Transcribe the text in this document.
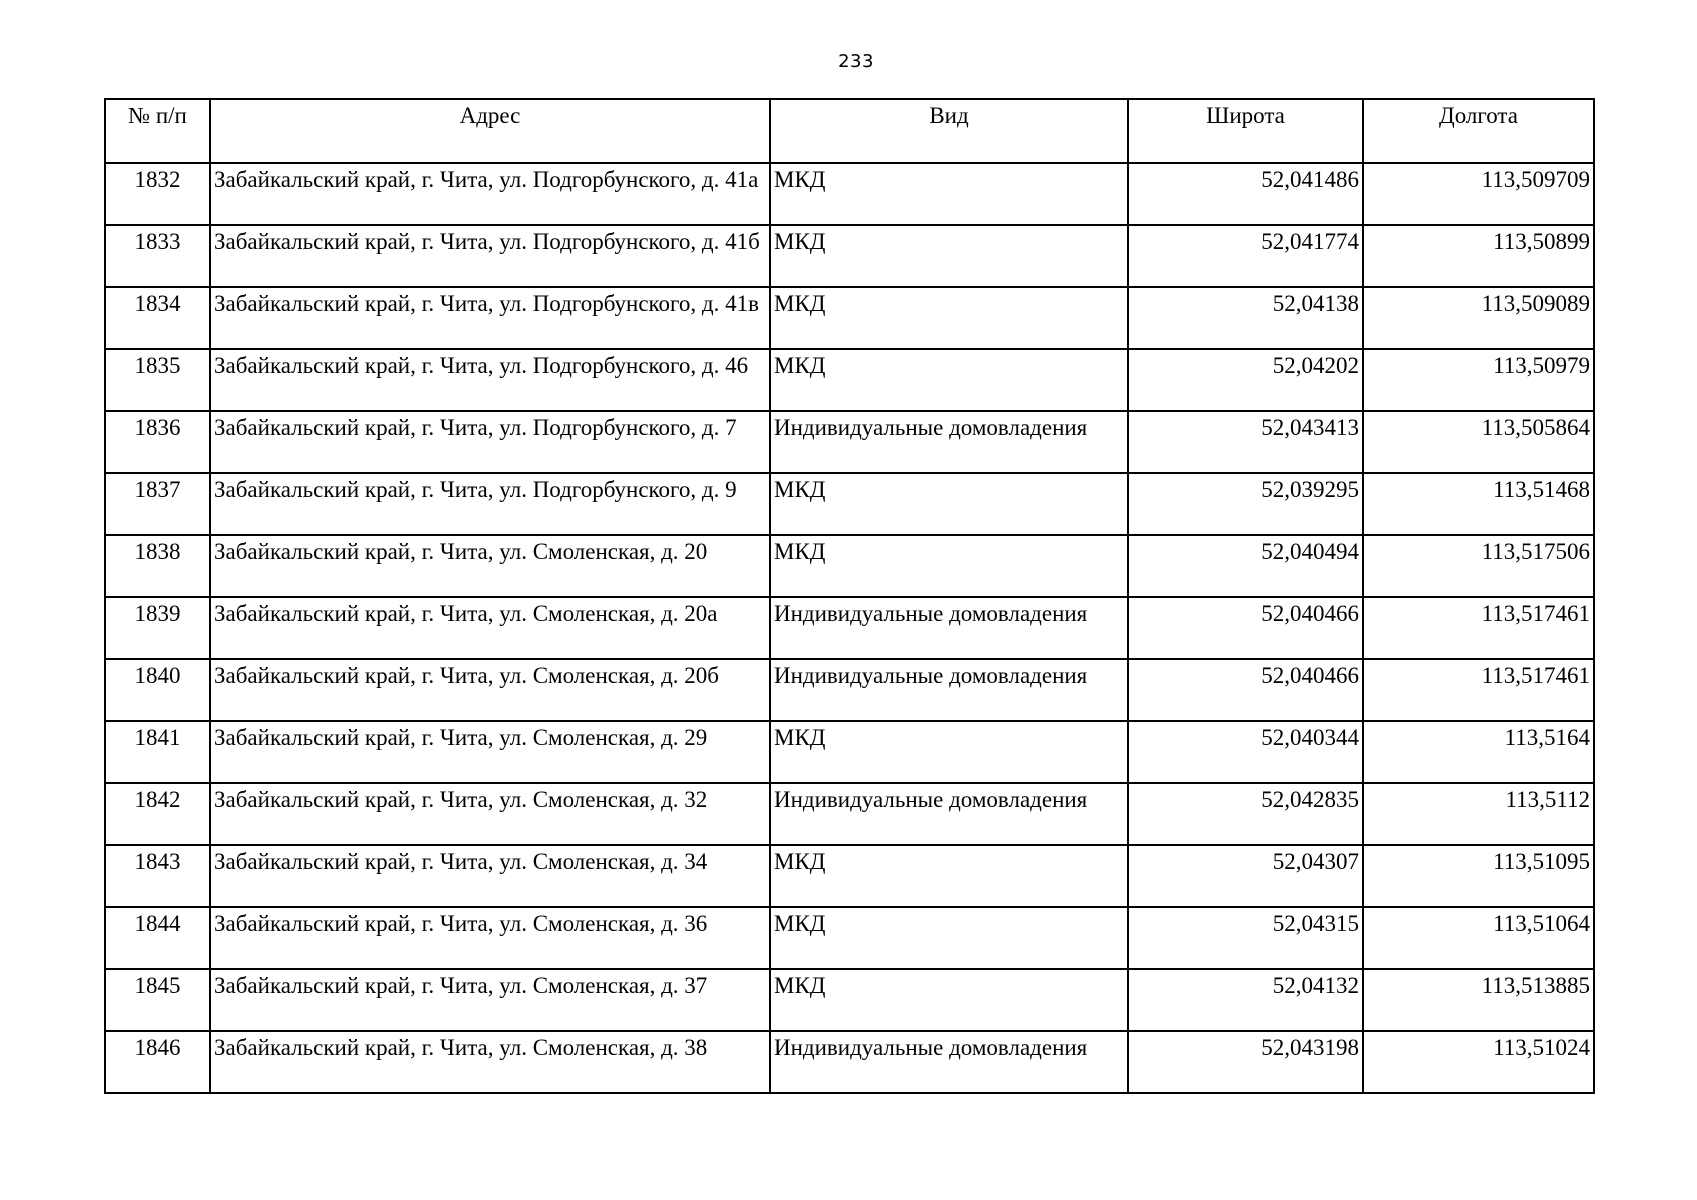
233
№ п/п	Адрес	Вид	Широта	Долгота
1832	Забайкальский край, г. Чита, ул. Подгорбунского, д. 41а	МКД	52,041486	113,509709
1833	Забайкальский край, г. Чита, ул. Подгорбунского, д. 41б	МКД	52,041774	113,50899
1834	Забайкальский край, г. Чита, ул. Подгорбунского, д. 41в	МКД	52,04138	113,509089
1835	Забайкальский край, г. Чита, ул. Подгорбунского, д. 46	МКД	52,04202	113,50979
1836	Забайкальский край, г. Чита, ул. Подгорбунского, д. 7	Индивидуальные домовладения	52,043413	113,505864
1837	Забайкальский край, г. Чита, ул. Подгорбунского, д. 9	МКД	52,039295	113,51468
1838	Забайкальский край, г. Чита, ул. Смоленская, д. 20	МКД	52,040494	113,517506
1839	Забайкальский край, г. Чита, ул. Смоленская, д. 20а	Индивидуальные домовладения	52,040466	113,517461
1840	Забайкальский край, г. Чита, ул. Смоленская, д. 20б	Индивидуальные домовладения	52,040466	113,517461
1841	Забайкальский край, г. Чита, ул. Смоленская, д. 29	МКД	52,040344	113,5164
1842	Забайкальский край, г. Чита, ул. Смоленская, д. 32	Индивидуальные домовладения	52,042835	113,5112
1843	Забайкальский край, г. Чита, ул. Смоленская, д. 34	МКД	52,04307	113,51095
1844	Забайкальский край, г. Чита, ул. Смоленская, д. 36	МКД	52,04315	113,51064
1845	Забайкальский край, г. Чита, ул. Смоленская, д. 37	МКД	52,04132	113,513885
1846	Забайкальский край, г. Чита, ул. Смоленская, д. 38	Индивидуальные домовладения	52,043198	113,51024
